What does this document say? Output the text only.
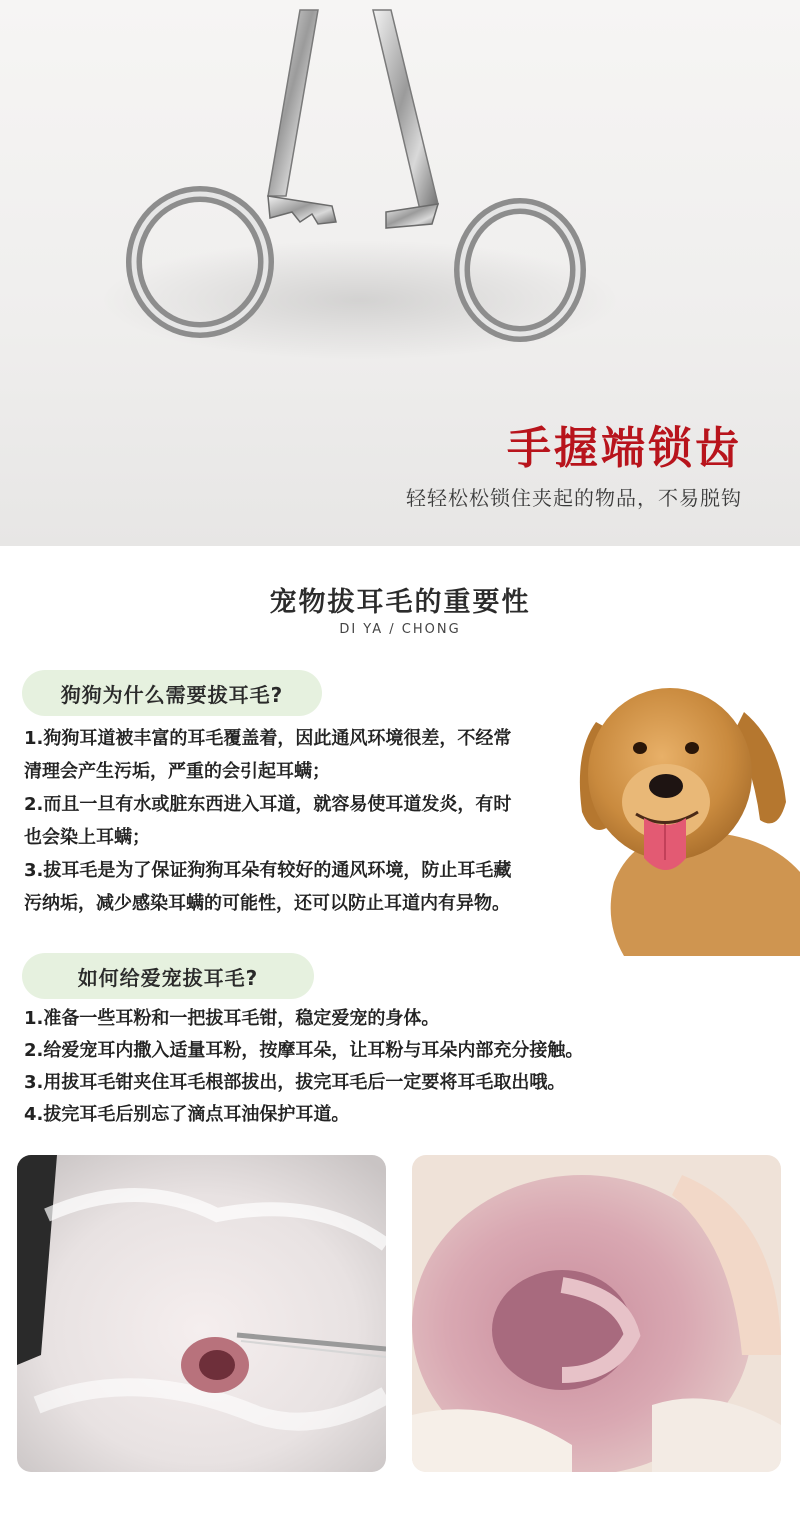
手握端锁齿

轻轻松松锁住夹起的物品，不易脱钩

宠物拔耳毛的重要性

DI YA / CHONG

狗狗为什么需要拔耳毛?
1.狗狗耳道被丰富的耳毛覆盖着，因此通风环境很差，不经常
清理会产生污垢，严重的会引起耳螨；
2.而且一旦有水或脏东西进入耳道，就容易使耳道发炎，有时
也会染上耳螨；
3.拔耳毛是为了保证狗狗耳朵有较好的通风环境，防止耳毛藏
污纳垢，减少感染耳螨的可能性，还可以防止耳道内有异物。
如何给爱宠拔耳毛?
1.准备一些耳粉和一把拔耳毛钳，稳定爱宠的身体。
2.给爱宠耳内撒入适量耳粉，按摩耳朵，让耳粉与耳朵内部充分接触。
3.用拔耳毛钳夹住耳毛根部拔出，拔完耳毛后一定要将耳毛取出哦。
4.拔完耳毛后别忘了滴点耳油保护耳道。
